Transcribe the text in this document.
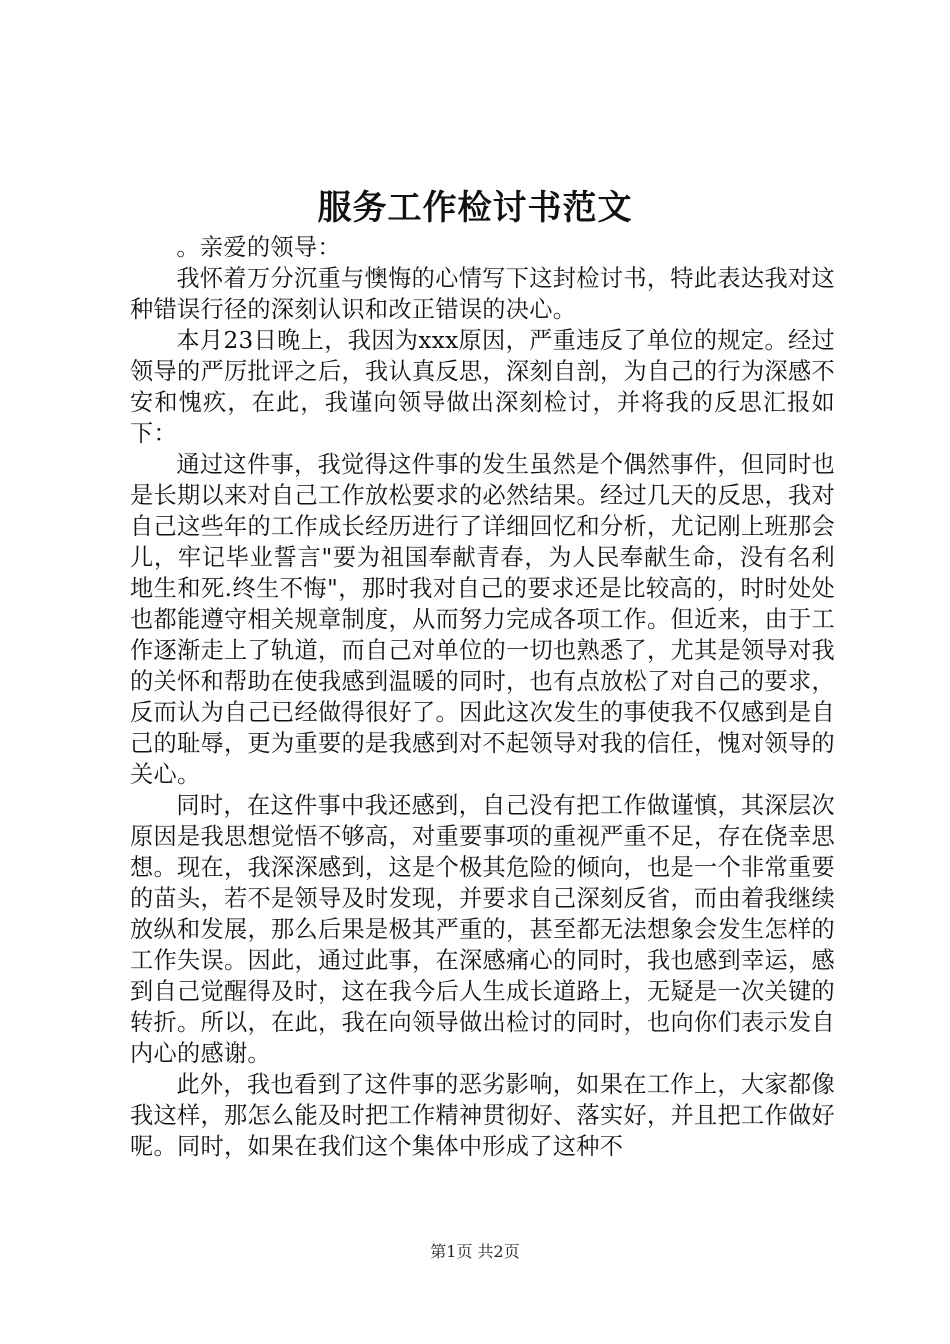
服务工作检讨书范文

。亲爱的领导：

我怀着万分沉重与懊悔的心情写下这封检讨书，特此表达我对这种错误行径的深刻认识和改正错误的决心。

本月23日晚上，我因为xxx原因，严重违反了单位的规定。经过领导的严厉批评之后，我认真反思，深刻自剖，为自己的行为深感不安和愧疚，在此，我谨向领导做出深刻检讨，并将我的反思汇报如下：

通过这件事，我觉得这件事的发生虽然是个偶然事件，但同时也是长期以来对自己工作放松要求的必然结果。经过几天的反思，我对自己这些年的工作成长经历进行了详细回忆和分析，尤记刚上班那会儿，牢记毕业誓言"要为祖国奉献青春，为人民奉献生命，没有名利地生和死.终生不悔"，那时我对自己的要求还是比较高的，时时处处也都能遵守相关规章制度，从而努力完成各项工作。但近来，由于工作逐渐走上了轨道，而自己对单位的一切也熟悉了，尤其是领导对我的关怀和帮助在使我感到温暖的同时，也有点放松了对自己的要求，反而认为自己已经做得很好了。因此这次发生的事使我不仅感到是自己的耻辱，更为重要的是我感到对不起领导对我的信任，愧对领导的关心。

同时，在这件事中我还感到，自己没有把工作做谨慎，其深层次原因是我思想觉悟不够高，对重要事项的重视严重不足，存在侥幸思想。现在，我深深感到，这是个极其危险的倾向，也是一个非常重要的苗头，若不是领导及时发现，并要求自己深刻反省，而由着我继续放纵和发展，那么后果是极其严重的，甚至都无法想象会发生怎样的工作失误。因此，通过此事，在深感痛心的同时，我也感到幸运，感到自己觉醒得及时，这在我今后人生成长道路上，无疑是一次关键的转折。所以，在此，我在向领导做出检讨的同时，也向你们表示发自内心的感谢。

此外，我也看到了这件事的恶劣影响，如果在工作上，大家都像我这样，那怎么能及时把工作精神贯彻好、落实好，并且把工作做好呢。同时，如果在我们这个集体中形成了这种不

第1页 共2页
